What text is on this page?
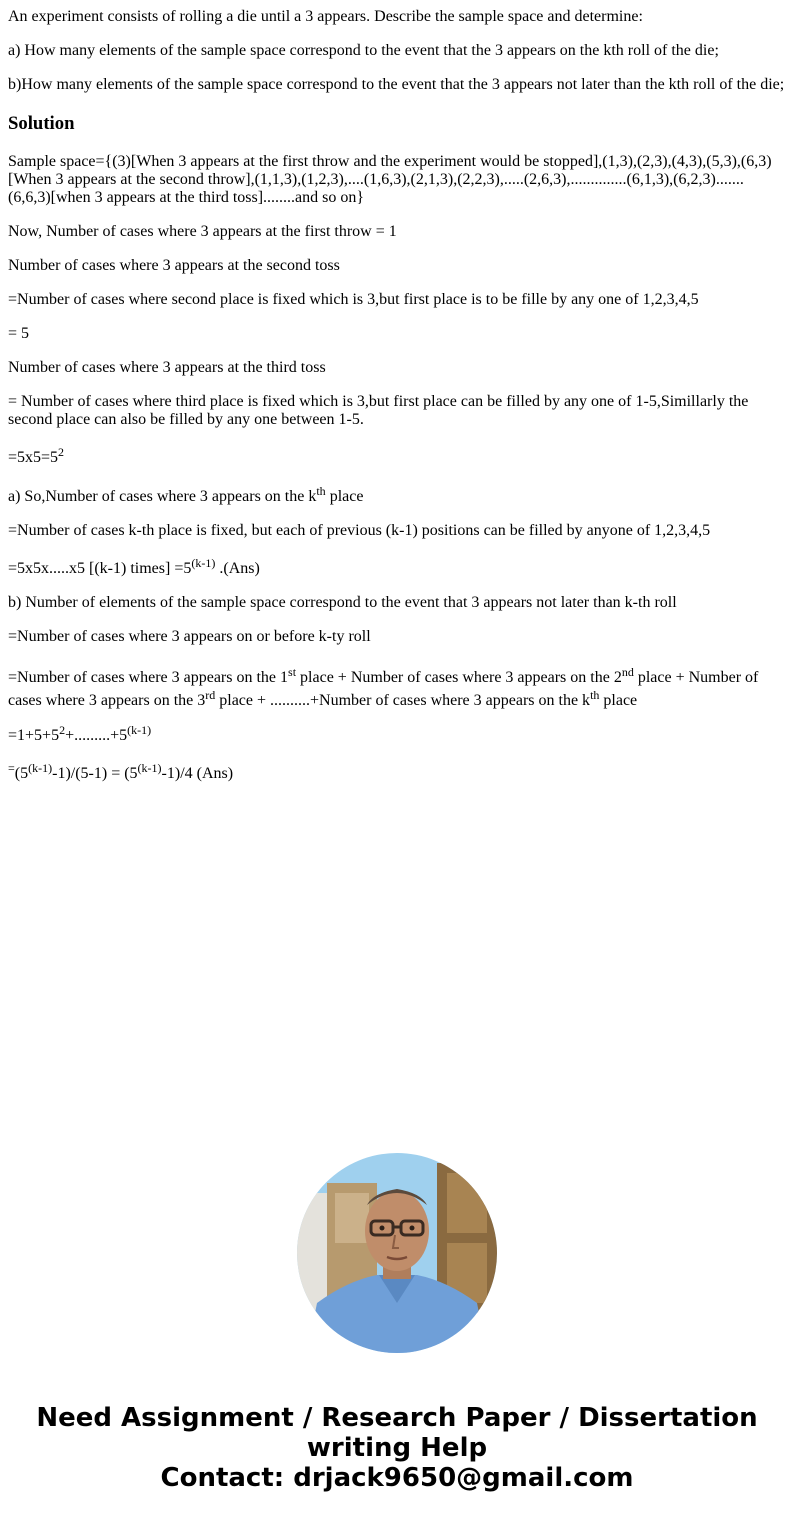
An experiment consists of rolling a die until a 3 appears. Describe the sample space and determine:

a) How many elements of the sample space correspond to the event that the 3 appears on the kth roll of the die;

b)How many elements of the sample space correspond to the event that the 3 appears not later than the kth roll of the die;

Solution

Sample space={(3)[When 3 appears at the first throw and the experiment would be stopped],(1,3),(2,3),(4,3),(5,3),(6,3)[When 3 appears at the second throw],(1,1,3),(1,2,3),....(1,6,3),(2,1,3),(2,2,3),.....(2,6,3),..............(6,1,3),(6,2,3).......(6,6,3)[when 3 appears at the third toss]........and so on}

Now, Number of cases where 3 appears at the first throw = 1

Number of cases where 3 appears at the second toss

=Number of cases where second place is fixed which is 3,but first place is to be fille by any one of 1,2,3,4,5

= 5

Number of cases where 3 appears at the third toss

= Number of cases where third place is fixed which is 3,but first place can be filled by any one of 1-5,Simillarly the second place can also be filled by any one between 1-5.

$=5x5=5^2$

a) So,Number of cases where 3 appears on the $k^{th}$ place

=Number of cases k-th place is fixed, but each of previous (k-1) positions can be filled by anyone of 1,2,3,4,5

=5x5x.....x5 [(k-1) times] $=5^{(k-1)}$ .(Ans)

b) Number of elements of the sample space correspond to the event that 3 appears not later than k-th roll

=Number of cases where 3 appears on or before k-ty roll

=Number of cases where 3 appears on the 1st place + Number of cases where 3 appears on the 2nd place + Number of cases where 3 appears on the 3rd place + ..........+Number of cases where 3 appears on the $k^{th}$ place

$=1+5+5^2+.........+5^{(k-1)}$

$^=(5^{(k-1)}-1)/(5-1) = (5^{(k-1)}-1)/4$ (Ans)

Need Assignment / Research Paper / Dissertation
writing Help
Contact: drjack9650@gmail.com
